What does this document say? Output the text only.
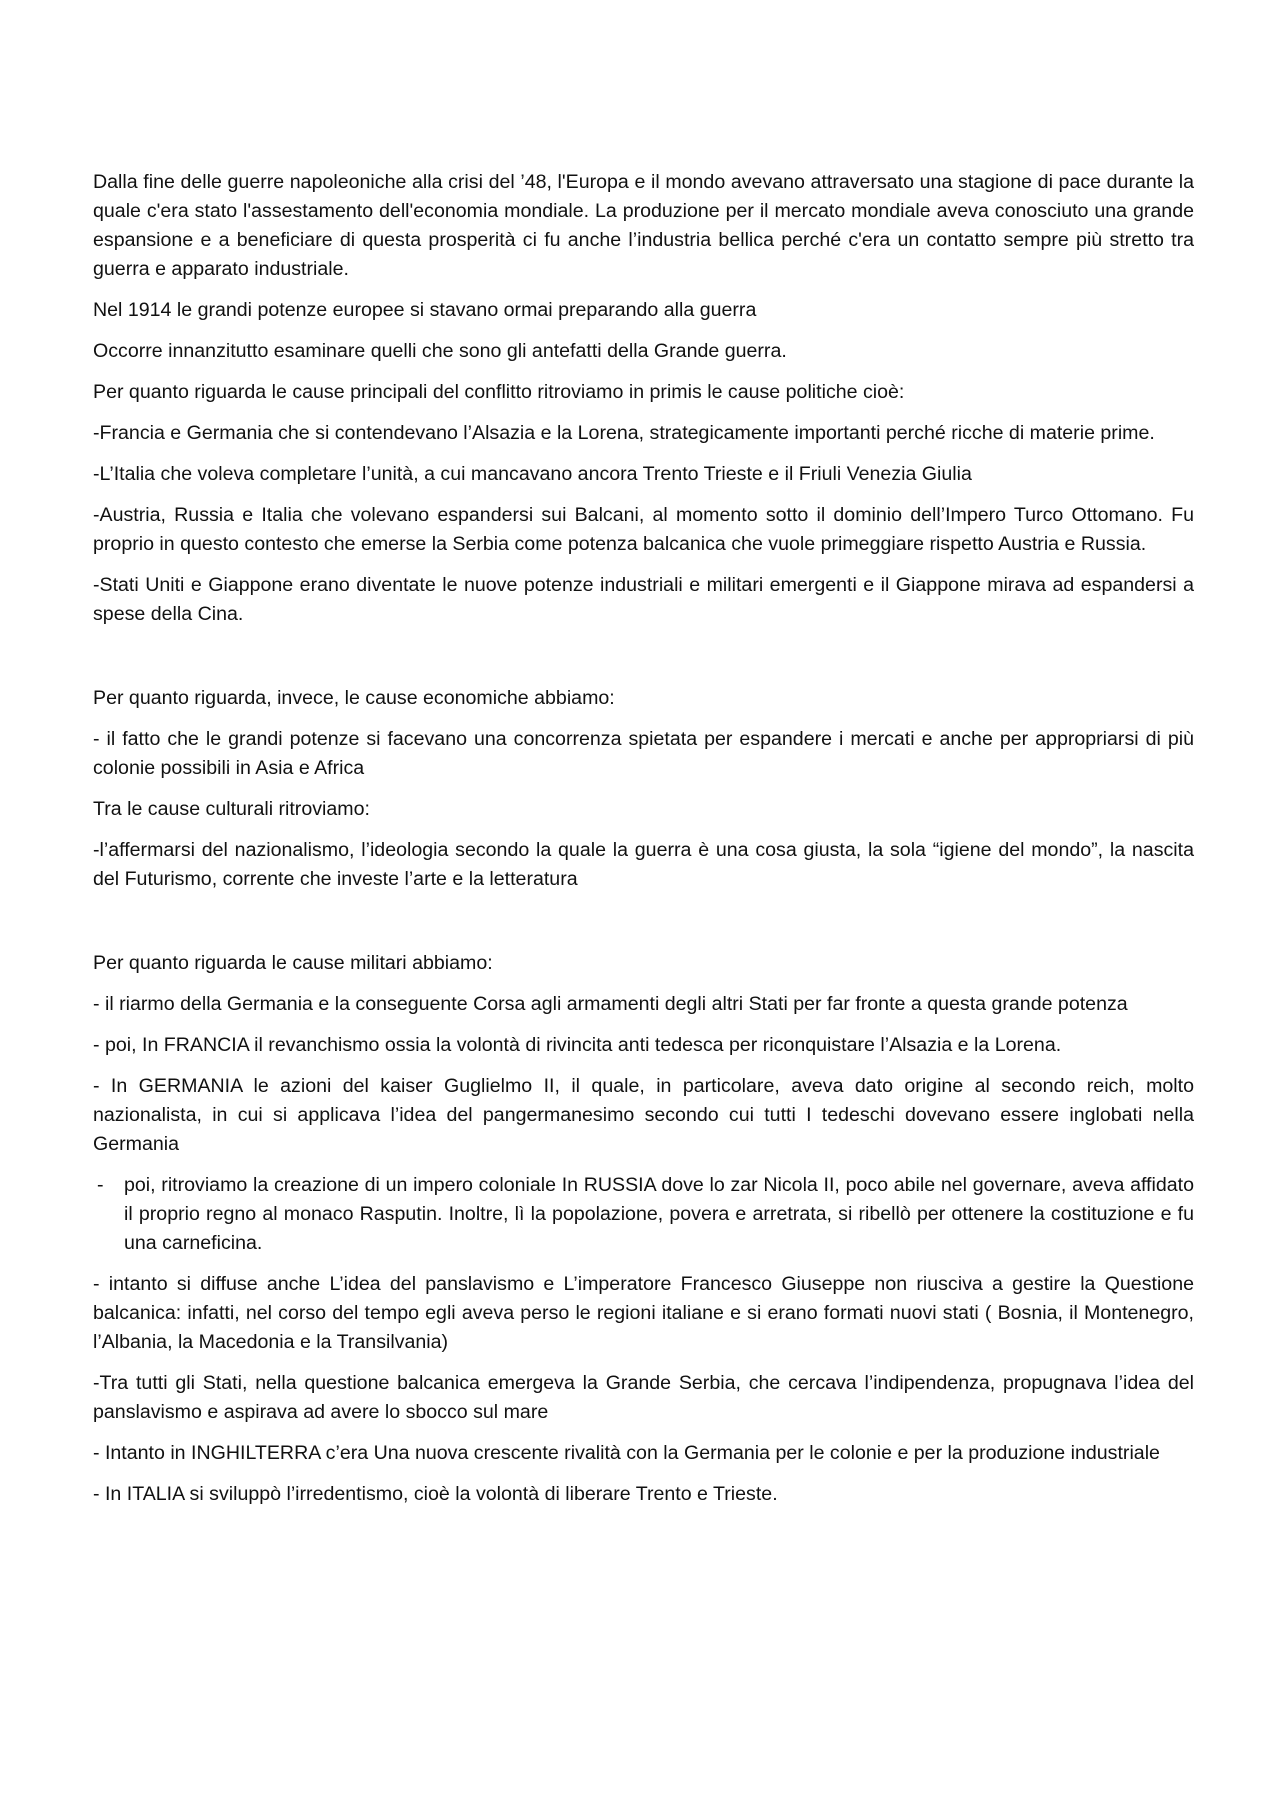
Dalla fine delle guerre napoleoniche alla crisi del ’48, l'Europa e il mondo avevano attraversato una stagione di pace durante la quale c'era stato l'assestamento dell'economia mondiale. La produzione per il mercato mondiale aveva conosciuto una grande espansione e a beneficiare di questa prosperità ci fu anche l’industria bellica perché c'era un contatto sempre più stretto tra guerra e apparato industriale.

Nel 1914 le grandi potenze europee si stavano ormai preparando alla guerra

Occorre innanzitutto esaminare quelli che sono gli antefatti della Grande guerra.

Per quanto riguarda le cause principali del conflitto ritroviamo in primis le cause politiche cioè:

-Francia e Germania che si contendevano l’Alsazia e la Lorena, strategicamente importanti perché ricche di materie prime.

-L’Italia che voleva completare l’unità, a cui mancavano ancora Trento Trieste e il Friuli Venezia Giulia

-Austria, Russia e Italia che volevano espandersi sui Balcani, al momento sotto il dominio dell’Impero Turco Ottomano. Fu proprio in questo contesto che emerse la Serbia come potenza balcanica che vuole primeggiare rispetto Austria e Russia.

-Stati Uniti e Giappone erano diventate le nuove potenze industriali e militari emergenti e il Giappone mirava ad espandersi a spese della Cina.

Per quanto riguarda, invece, le cause economiche abbiamo:

- il fatto che le grandi potenze si facevano una concorrenza spietata per espandere i mercati e anche per appropriarsi di più colonie possibili in Asia e Africa

Tra le cause culturali ritroviamo:

-l’affermarsi del nazionalismo, l’ideologia secondo la quale la guerra è una cosa giusta, la sola “igiene del mondo”, la nascita del Futurismo, corrente che investe l’arte e la letteratura

Per quanto riguarda le cause militari abbiamo:

- il riarmo della Germania e la conseguente Corsa agli armamenti degli altri Stati per far fronte a questa grande potenza

- poi, In FRANCIA il revanchismo ossia la volontà di rivincita anti tedesca per riconquistare l’Alsazia e la Lorena.

- In GERMANIA le azioni del kaiser Guglielmo II, il quale, in particolare, aveva dato origine al secondo reich, molto nazionalista, in cui si applicava l’idea del pangermanesimo secondo cui tutti I tedeschi dovevano essere inglobati nella Germania

-	poi, ritroviamo la creazione di un impero coloniale In RUSSIA dove lo zar Nicola II, poco abile nel governare, aveva affidato il proprio regno al monaco Rasputin. Inoltre, lì la popolazione, povera e arretrata, si ribellò per ottenere la costituzione e fu una carneficina.

- intanto si diffuse anche L’idea del panslavismo e L’imperatore Francesco Giuseppe non riusciva a gestire la Questione balcanica: infatti, nel corso del tempo egli aveva perso le regioni italiane e si erano formati nuovi stati ( Bosnia, il Montenegro, l’Albania, la Macedonia e la Transilvania)

-Tra tutti gli Stati, nella questione balcanica emergeva la Grande Serbia, che cercava l’indipendenza, propugnava l’idea del panslavismo e aspirava ad avere lo sbocco sul mare

- Intanto in INGHILTERRA c’era Una nuova crescente rivalità con la Germania per le colonie e per la produzione industriale

- In ITALIA si sviluppò l’irredentismo, cioè la volontà di liberare Trento e Trieste.
